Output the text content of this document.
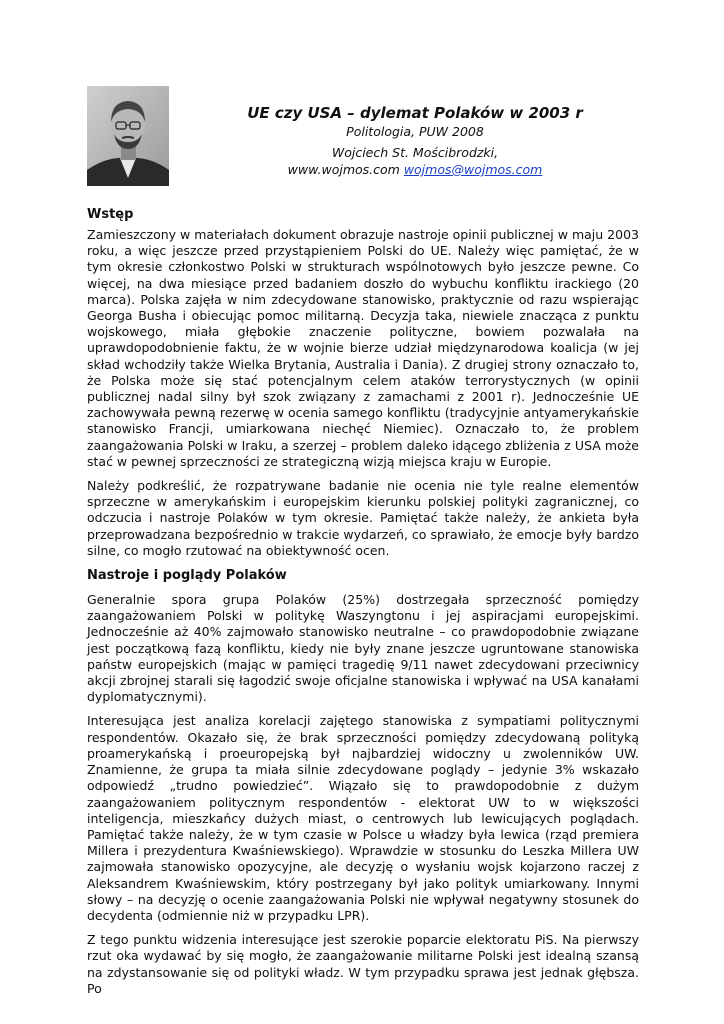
UE czy USA – dylemat Polaków w 2003 r

Politologia, PUW 2008

Wojciech St. Mościbrodzki,

www.wojmos.com wojmos@wojmos.com

Wstęp

Zamieszczony w materiałach dokument obrazuje nastroje opinii publicznej w maju 2003 roku, a więc jeszcze przed przystąpieniem Polski do UE. Należy więc pamiętać, że w tym okresie członkostwo Polski w strukturach wspólnotowych było jeszcze pewne. Co więcej, na dwa miesiące przed badaniem doszło do wybuchu konfliktu irackiego (20 marca). Polska zajęła w nim zdecydowane stanowisko, praktycznie od razu wspierając Georga Busha i obiecując pomoc militarną. Decyzja taka, niewiele znacząca z punktu wojskowego, miała głębokie znaczenie polityczne, bowiem pozwalała na uprawdopodobnienie faktu, że w wojnie bierze udział międzynarodowa koalicja (w jej skład wchodziły także Wielka Brytania, Australia i Dania). Z drugiej strony oznaczało to, że Polska może się stać potencjalnym celem ataków terrorystycznych (w opinii publicznej nadal silny był szok związany z zamachami z 2001 r). Jednocześnie UE zachowywała pewną rezerwę w ocenia samego konfliktu (tradycyjnie antyamerykańskie stanowisko Francji, umiarkowana niechęć Niemiec). Oznaczało to, że problem zaangażowania Polski w Iraku, a szerzej – problem daleko idącego zbliżenia z USA może stać w pewnej sprzeczności ze strategiczną wizją miejsca kraju w Europie.

Należy podkreślić, że rozpatrywane badanie nie ocenia nie tyle realne elementów sprzeczne w amerykańskim i europejskim kierunku polskiej polityki zagranicznej, co odczucia i nastroje Polaków w tym okresie. Pamiętać także należy, że ankieta była przeprowadzana bezpośrednio w trakcie wydarzeń, co sprawiało, że emocje były bardzo silne, co mogło rzutować na obiektywność ocen.

Nastroje i poglądy Polaków

Generalnie spora grupa Polaków (25%) dostrzegała sprzeczność pomiędzy zaangażowaniem Polski w politykę Waszyngtonu i jej aspiracjami europejskimi. Jednocześnie aż 40% zajmowało stanowisko neutralne – co prawdopodobnie związane jest początkową fazą konfliktu, kiedy nie były znane jeszcze ugruntowane stanowiska państw europejskich (mając w pamięci tragedię 9/11 nawet zdecydowani przeciwnicy akcji zbrojnej starali się łagodzić swoje oficjalne stanowiska i wpływać na USA kanałami dyplomatycznymi).

Interesująca jest analiza korelacji zajętego stanowiska z sympatiami politycznymi respondentów. Okazało się, że brak sprzeczności pomiędzy zdecydowaną polityką proamerykańską i proeuropejską był najbardziej widoczny u zwolenników UW. Znamienne, że grupa ta miała silnie zdecydowane poglądy – jedynie 3% wskazało odpowiedź „trudno powiedzieć”. Wiązało się to prawdopodobnie z dużym zaangażowaniem politycznym respondentów - elektorat UW to w większości inteligencja, mieszkańcy dużych miast, o centrowych lub lewicujących poglądach. Pamiętać także należy, że w tym czasie w Polsce u władzy była lewica (rząd premiera Millera i prezydentura Kwaśniewskiego). Wprawdzie w stosunku do Leszka Millera UW zajmowała stanowisko opozycyjne, ale decyzję o wysłaniu wojsk kojarzono raczej z Aleksandrem Kwaśniewskim, który postrzegany był jako polityk umiarkowany. Innymi słowy – na decyzję o ocenie zaangażowania Polski nie wpływał negatywny stosunek do decydenta (odmiennie niż w przypadku LPR).

Z tego punktu widzenia interesujące jest szerokie poparcie elektoratu PiS. Na pierwszy rzut oka wydawać by się mogło, że zaangażowanie militarne Polski jest idealną szansą na zdystansowanie się od polityki władz. W tym przypadku sprawa jest jednak głębsza. Po
